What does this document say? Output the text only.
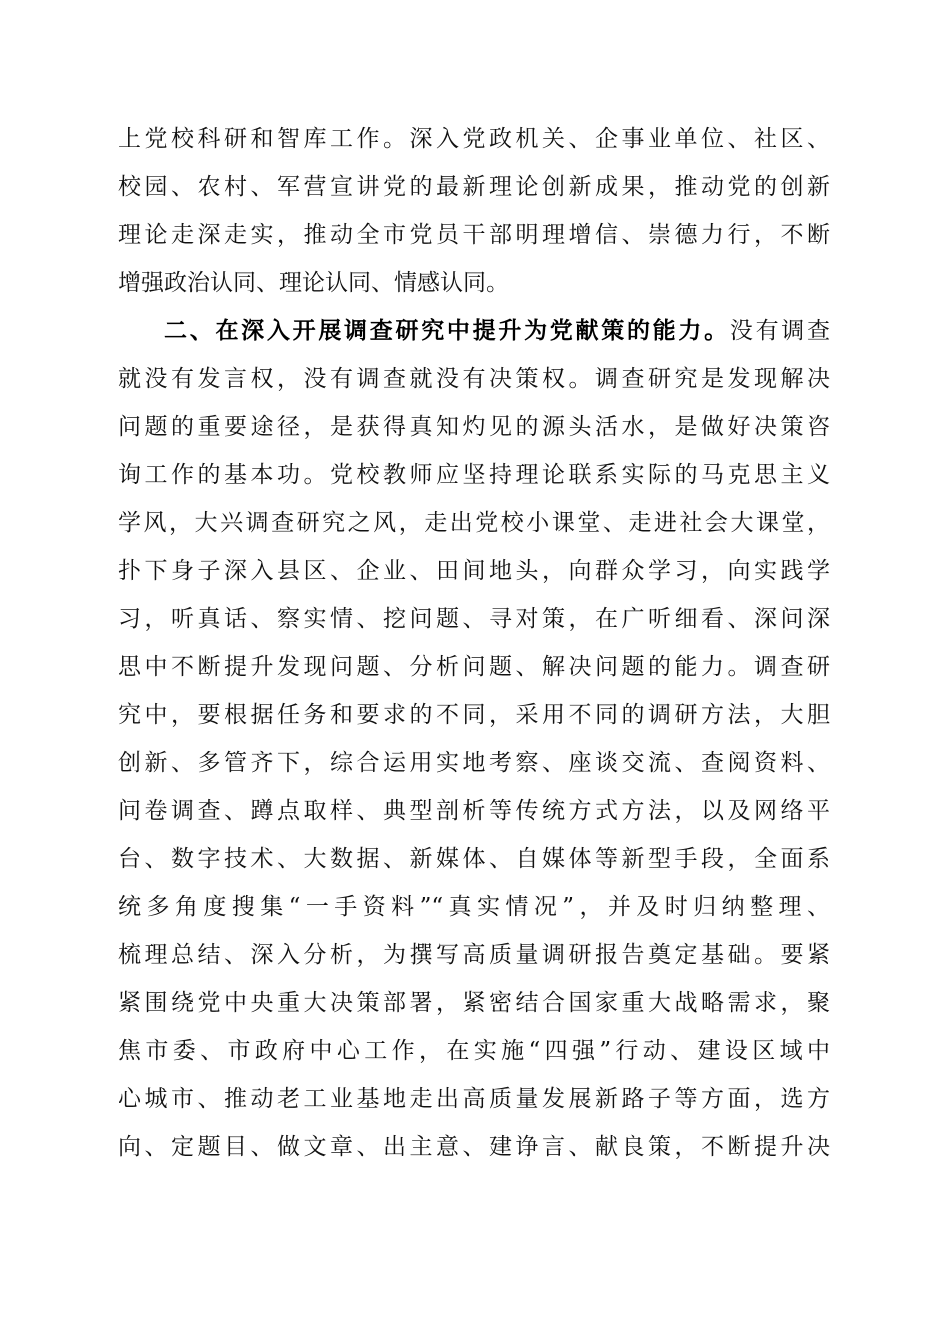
上党校科研和智库工作。深入党政机关、企事业单位、社区、
校园、农村、军营宣讲党的最新理论创新成果，推动党的创新
理论走深走实，推动全市党员干部明理增信、崇德力行，不断
增强政治认同、理论认同、情感认同。
二、在深入开展调查研究中提升为党献策的能力。没有调查
就没有发言权，没有调查就没有决策权。调查研究是发现解决
问题的重要途径，是获得真知灼见的源头活水，是做好决策咨
询工作的基本功。党校教师应坚持理论联系实际的马克思主义
学风，大兴调查研究之风，走出党校小课堂、走进社会大课堂，
扑下身子深入县区、企业、田间地头，向群众学习，向实践学
习，听真话、察实情、挖问题、寻对策，在广听细看、深问深
思中不断提升发现问题、分析问题、解决问题的能力。调查研
究中，要根据任务和要求的不同，采用不同的调研方法，大胆
创新、多管齐下，综合运用实地考察、座谈交流、查阅资料、
问卷调查、蹲点取样、典型剖析等传统方式方法，以及网络平
台、数字技术、大数据、新媒体、自媒体等新型手段，全面系
统多角度搜集“一手资料”“真实情况”，并及时归纳整理、
梳理总结、深入分析，为撰写高质量调研报告奠定基础。要紧
紧围绕党中央重大决策部署，紧密结合国家重大战略需求，聚
焦市委、市政府中心工作，在实施“四强”行动、建设区域中
心城市、推动老工业基地走出高质量发展新路子等方面，选方
向、定题目、做文章、出主意、建诤言、献良策，不断提升决
